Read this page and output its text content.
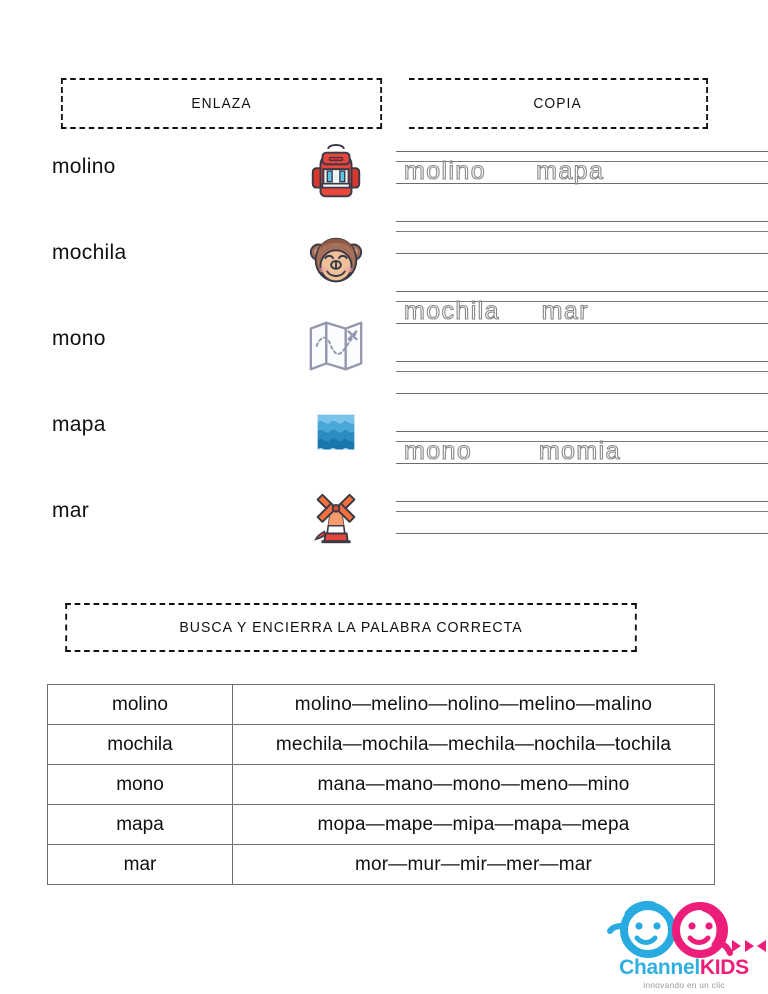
ENLAZA	COPIA
molino
mochila
mono
mapa
mar
molino      mapa
mochila     mar
mono        momia
BUSCA Y ENCIERRA LA PALABRA CORRECTA
molino	molino—melino—nolino—melino—malino
mochila	mechila—mochila—mechila—nochila—tochila
mono	mana—mano—mono—meno—mino
mapa	mopa—mape—mipa—mapa—mepa
mar	mor—mur—mir—mer—mar
ChannelKIDS
innovando en un clic
